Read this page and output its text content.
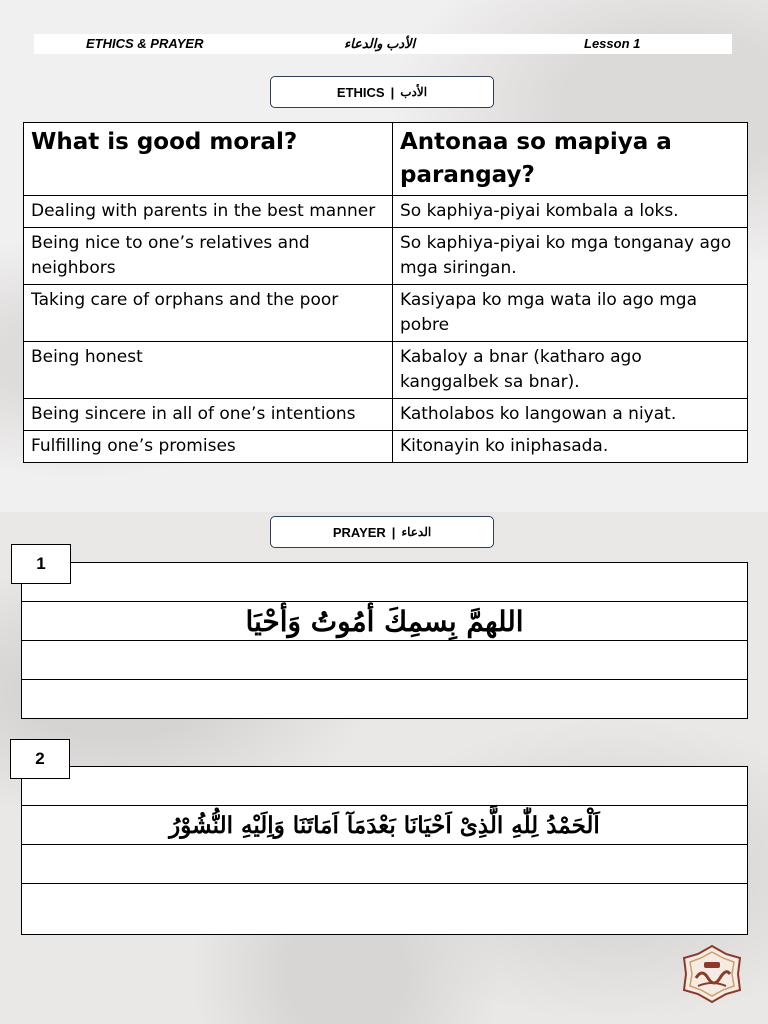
ETHICS & PRAYER	الأدب والدعاء	Lesson 1
ETHICS | الأدب
What is good moral?	Antonaa so mapiya a parangay?
Dealing with parents in the best manner	So kaphiya-piyai kombala a loks.
Being nice to one’s relatives and neighbors	So kaphiya-piyai ko mga tonganay ago mga siringan.
Taking care of orphans and the poor	Kasiyapa ko mga wata ilo ago mga pobre
Being honest	Kabaloy a bnar (katharo ago kanggalbek sa bnar).
Being sincere in all of one’s intentions	Katholabos ko langowan a niyat.
Fulfilling one’s promises	Kitonayin ko iniphasada.
PRAYER | الدعاء
اللهمَّ بِسمِكَ أمُوتُ وَأحْيَا
1
اَلْحَمْدُ لِلّٰهِ الَّذِىْ اَحْيَانَا بَعْدَمَآ اَمَاتَنَا وَاِلَيْهِ النُّشُوْرُ
2
